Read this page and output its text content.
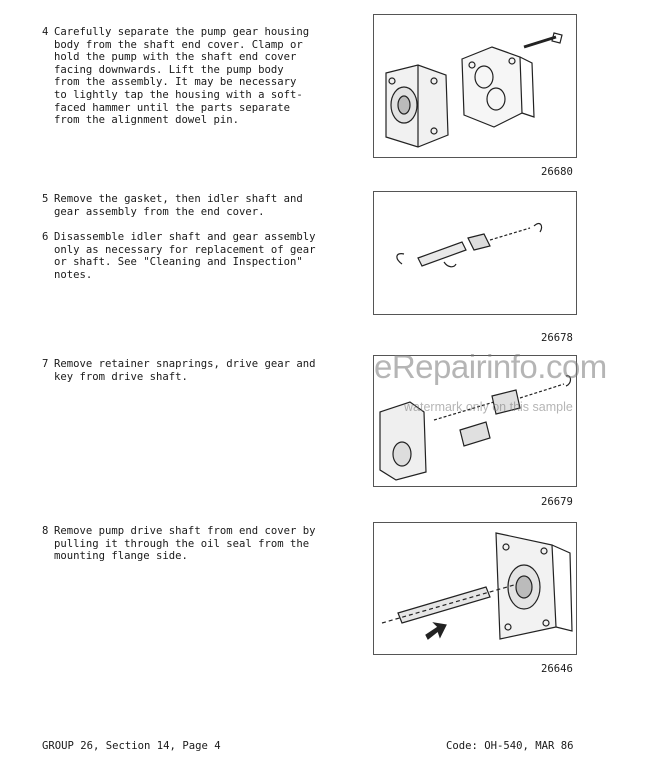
4 Carefully separate the pump gear housing
body from the shaft end cover. Clamp or
hold the pump with the shaft end cover
facing downwards. Lift the pump body
from the assembly. It may be necessary
to lightly tap the housing with a soft-
faced hammer until the parts separate
from the alignment dowel pin.
5 Remove the gasket, then idler shaft and
gear assembly from the end cover.
6 Disassemble idler shaft and gear assembly
only as necessary for replacement of gear
or shaft. See "Cleaning and Inspection"
notes.
7 Remove retainer snaprings, drive gear and
key from drive shaft.
8 Remove pump drive shaft from end cover by
pulling it through the oil seal from the
mounting flange side.
26680
26678
eRepairinfo.com
watermark only on this sample
26679
26646
GROUP 26, Section 14, Page 4	Code: OH-540, MAR 86
